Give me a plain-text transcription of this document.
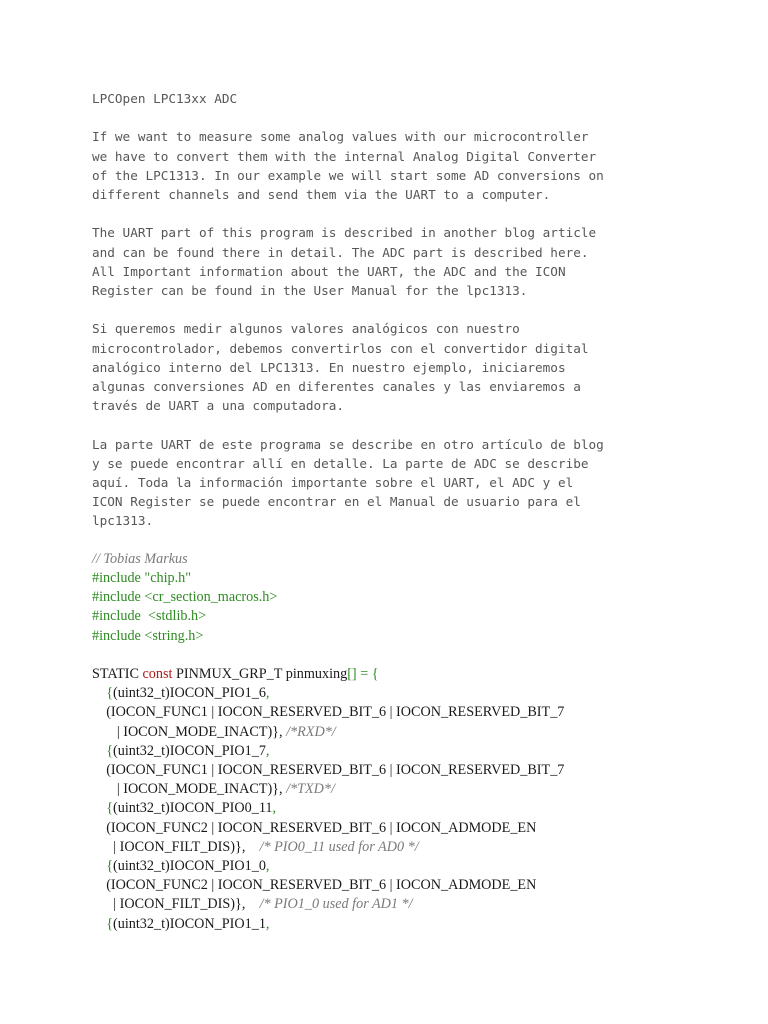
LPCOpen LPC13xx ADC
If we want to measure some analog values with our microcontroller
we have to convert them with the internal Analog Digital Converter
of the LPC1313. In our example we will start some AD conversions on
different channels and send them via the UART to a computer.
The UART part of this program is described in another blog article
and can be found there in detail. The ADC part is described here.
All Important information about the UART, the ADC and the ICON
Register can be found in the User Manual for the lpc1313.
Si queremos medir algunos valores analógicos con nuestro
microcontrolador, debemos convertirlos con el convertidor digital
analógico interno del LPC1313. En nuestro ejemplo, iniciaremos
algunas conversiones AD en diferentes canales y las enviaremos a
través de UART a una computadora.
La parte UART de este programa se describe en otro artículo de blog
y se puede encontrar allí en detalle. La parte de ADC se describe
aquí. Toda la información importante sobre el UART, el ADC y el
ICON Register se puede encontrar en el Manual de usuario para el
lpc1313.
// Tobias Markus
#include "chip.h"
#include <cr_section_macros.h>
#include  <stdlib.h>
#include <string.h>
STATIC const PINMUX_GRP_T pinmuxing[] = {
{(uint32_t)IOCON_PIO1_6,
(IOCON_FUNC1 | IOCON_RESERVED_BIT_6 | IOCON_RESERVED_BIT_7
| IOCON_MODE_INACT)}, /*RXD*/
{(uint32_t)IOCON_PIO1_7,
(IOCON_FUNC1 | IOCON_RESERVED_BIT_6 | IOCON_RESERVED_BIT_7
| IOCON_MODE_INACT)}, /*TXD*/
{(uint32_t)IOCON_PIO0_11,
(IOCON_FUNC2 | IOCON_RESERVED_BIT_6 | IOCON_ADMODE_EN
| IOCON_FILT_DIS)},    /* PIO0_11 used for AD0 */
{(uint32_t)IOCON_PIO1_0,
(IOCON_FUNC2 | IOCON_RESERVED_BIT_6 | IOCON_ADMODE_EN
| IOCON_FILT_DIS)},    /* PIO1_0 used for AD1 */
{(uint32_t)IOCON_PIO1_1,
